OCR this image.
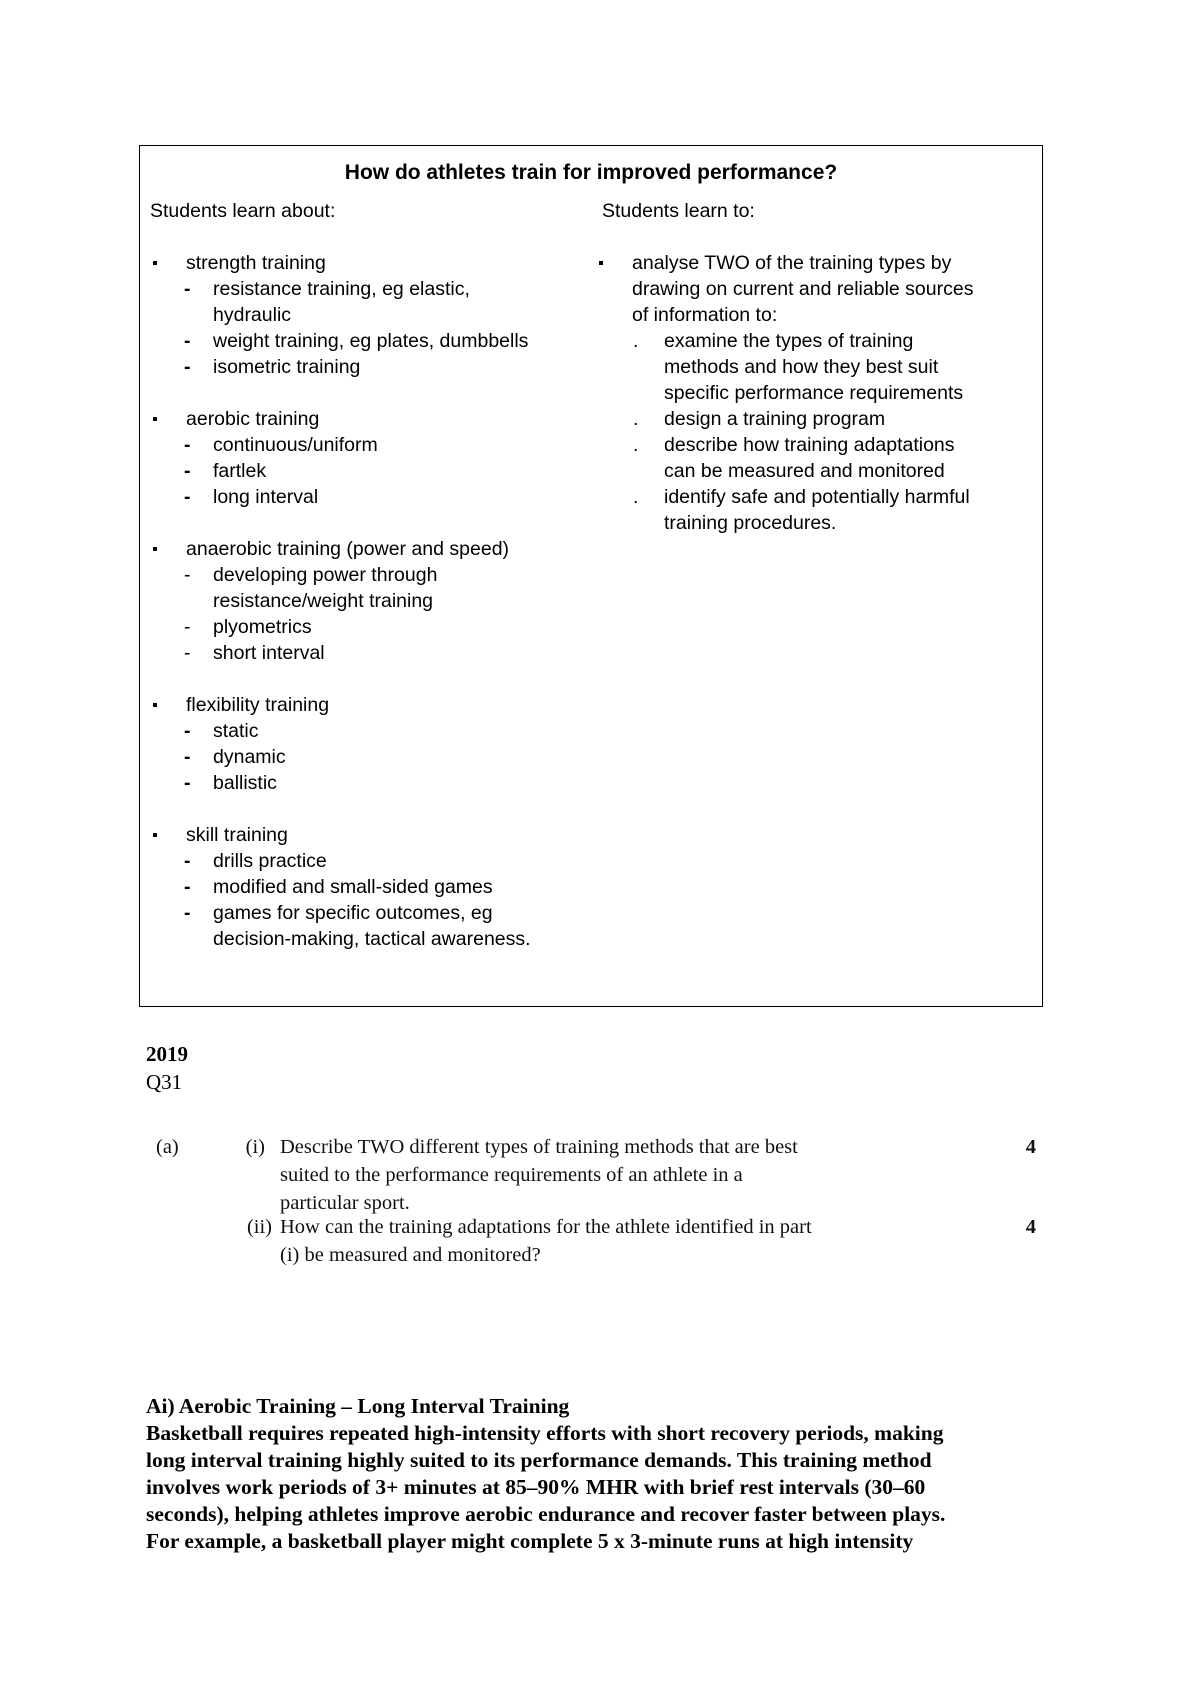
How do athletes train for improved performance?
Students learn about:	Students learn to:
strength training
- resistance training, eg elastic,
hydraulic
- weight training, eg plates, dumbbells
- isometric training
aerobic training
- continuous/uniform
- fartlek
- long interval
anaerobic training (power and speed)
- developing power through
resistance/weight training
- plyometrics
- short interval
flexibility training
- static
- dynamic
- ballistic
skill training
- drills practice
- modified and small-sided games
- games for specific outcomes, eg
decision-making, tactical awareness.
analyse TWO of the training types by
drawing on current and reliable sources
of information to:
. examine the types of training
methods and how they best suit
specific performance requirements
. design a training program
. describe how training adaptations
can be measured and monitored
. identify safe and potentially harmful
training procedures.
2019
Q31
(a)	(i) Describe TWO different types of training methods that are best suited to the performance requirements of an athlete in a particular sport.
4
(ii) How can the training adaptations for the athlete identified in part (i) be measured and monitored?
4
Ai) Aerobic Training – Long Interval Training
Basketball requires repeated high-intensity efforts with short recovery periods, making
long interval training highly suited to its performance demands. This training method
involves work periods of 3+ minutes at 85–90% MHR with brief rest intervals (30–60
seconds), helping athletes improve aerobic endurance and recover faster between plays.
For example, a basketball player might complete 5 x 3-minute runs at high intensity
